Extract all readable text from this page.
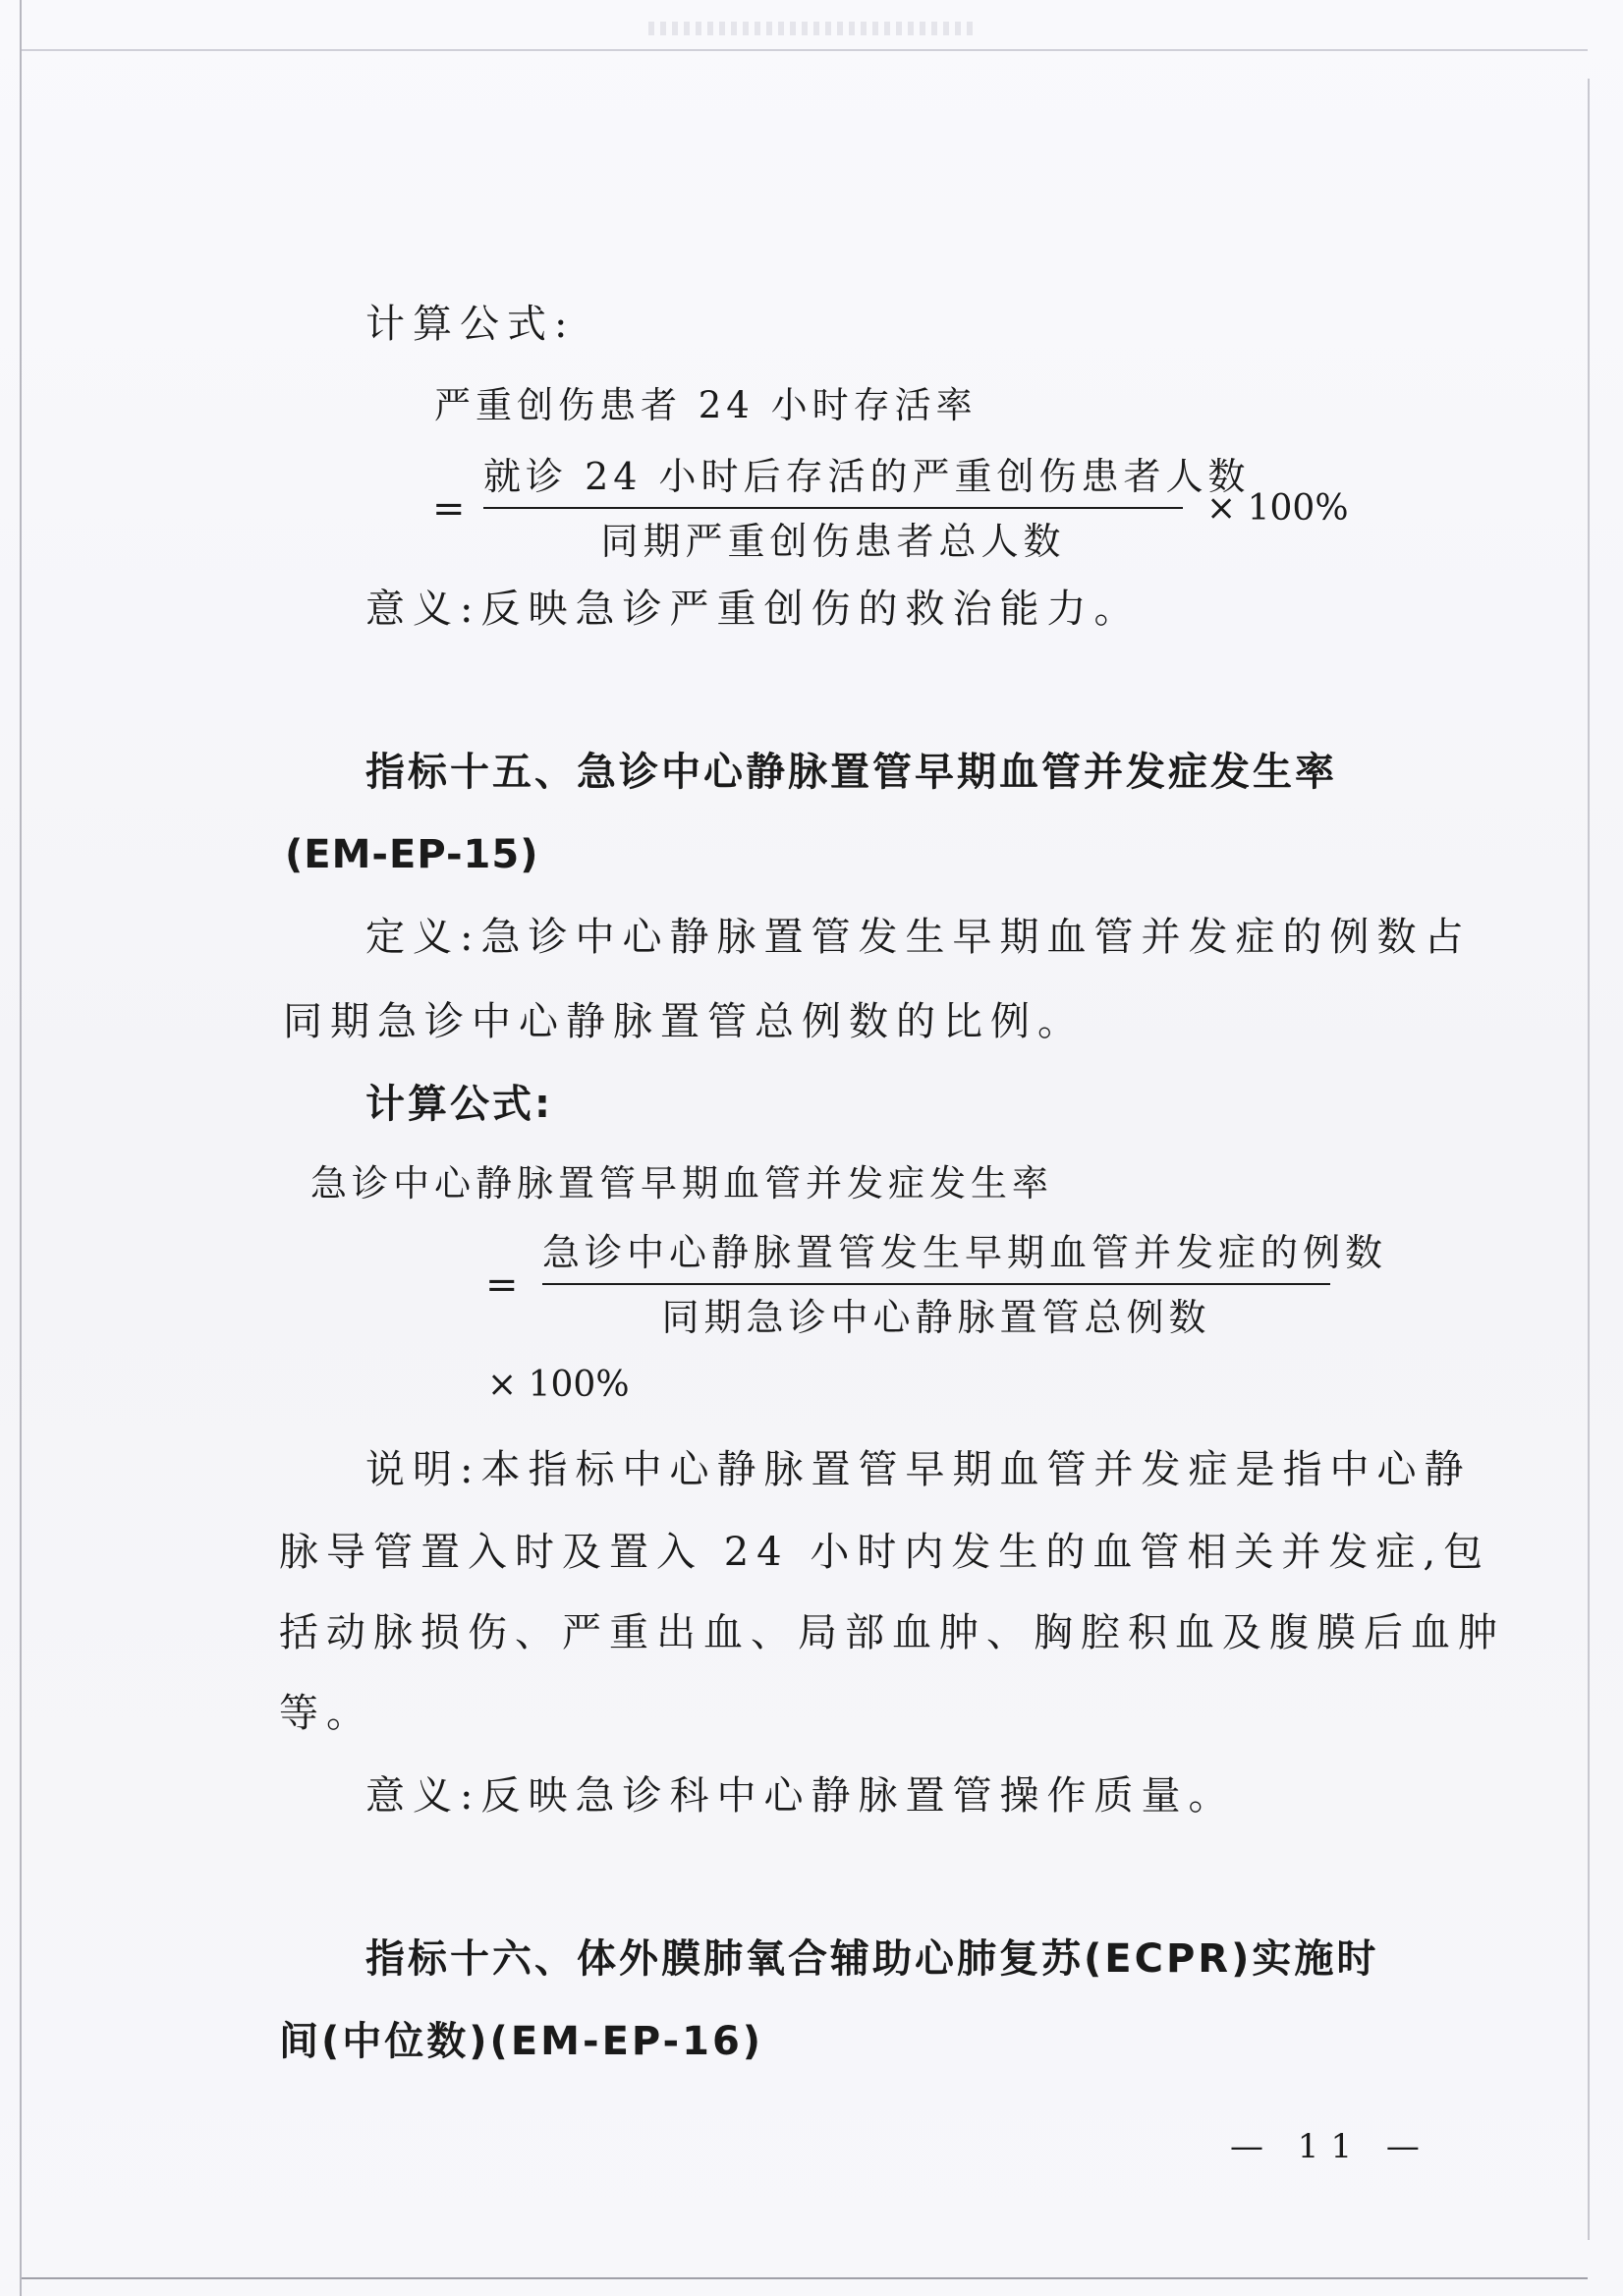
计算公式:
严重创伤患者 24 小时存活率
=
就诊 24 小时后存活的严重创伤患者人数
同期严重创伤患者总人数
× 100%
意义:反映急诊严重创伤的救治能力。
指标十五、急诊中心静脉置管早期血管并发症发生率
(EM-EP-15)
定义:急诊中心静脉置管发生早期血管并发症的例数占
同期急诊中心静脉置管总例数的比例。
计算公式:
急诊中心静脉置管早期血管并发症发生率
=
急诊中心静脉置管发生早期血管并发症的例数
同期急诊中心静脉置管总例数
× 100%
说明:本指标中心静脉置管早期血管并发症是指中心静
脉导管置入时及置入 24 小时内发生的血管相关并发症,包
括动脉损伤、严重出血、局部血肿、胸腔积血及腹膜后血肿
等。
意义:反映急诊科中心静脉置管操作质量。
指标十六、体外膜肺氧合辅助心肺复苏(ECPR)实施时
间(中位数)(EM-EP-16)
— 11 —
